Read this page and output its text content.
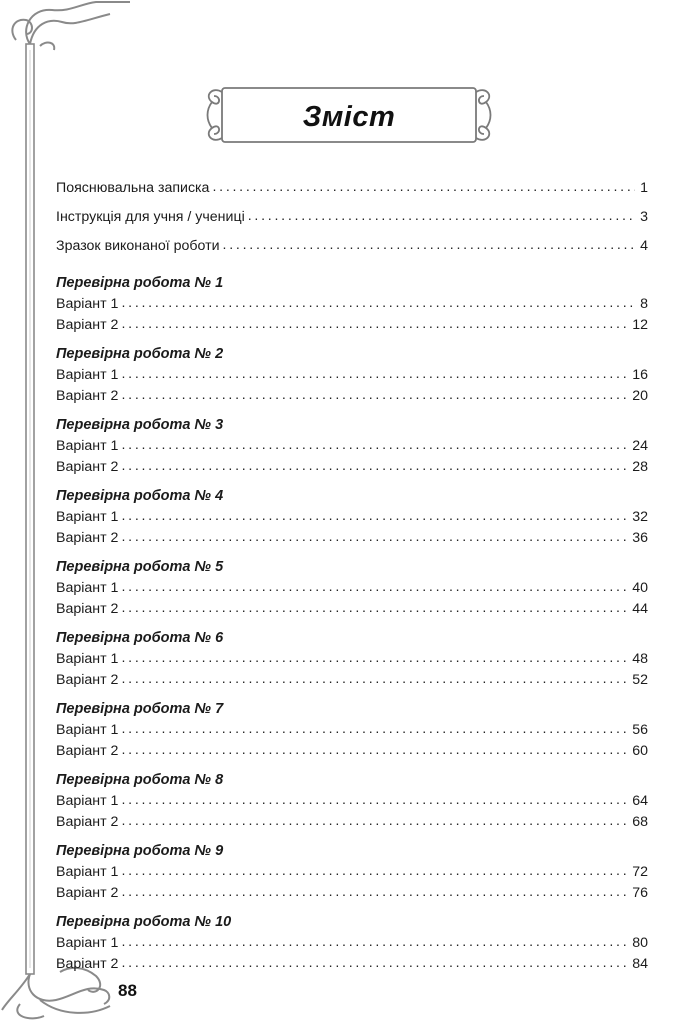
Зміст
Пояснювальна записка . . .	1
Інструкція для учня / учениці . . .	3
Зразок виконаної роботи . . .	4
Перевірна робота № 1
Варіант 1 . . .	8
Варіант 2 . . .	12
Перевірна робота № 2
Варіант 1 . . .	16
Варіант 2 . . .	20
Перевірна робота № 3
Варіант 1 . . .	24
Варіант 2 . . .	28
Перевірна робота № 4
Варіант 1 . . .	32
Варіант 2 . . .	36
Перевірна робота № 5
Варіант 1 . . .	40
Варіант 2 . . .	44
Перевірна робота № 6
Варіант 1 . . .	48
Варіант 2 . . .	52
Перевірна робота № 7
Варіант 1 . . .	56
Варіант 2 . . .	60
Перевірна робота № 8
Варіант 1 . . .	64
Варіант 2 . . .	68
Перевірна робота № 9
Варіант 1 . . .	72
Варіант 2 . . .	76
Перевірна робота № 10
Варіант 1 . . .	80
Варіант 2 . . .	84
88
